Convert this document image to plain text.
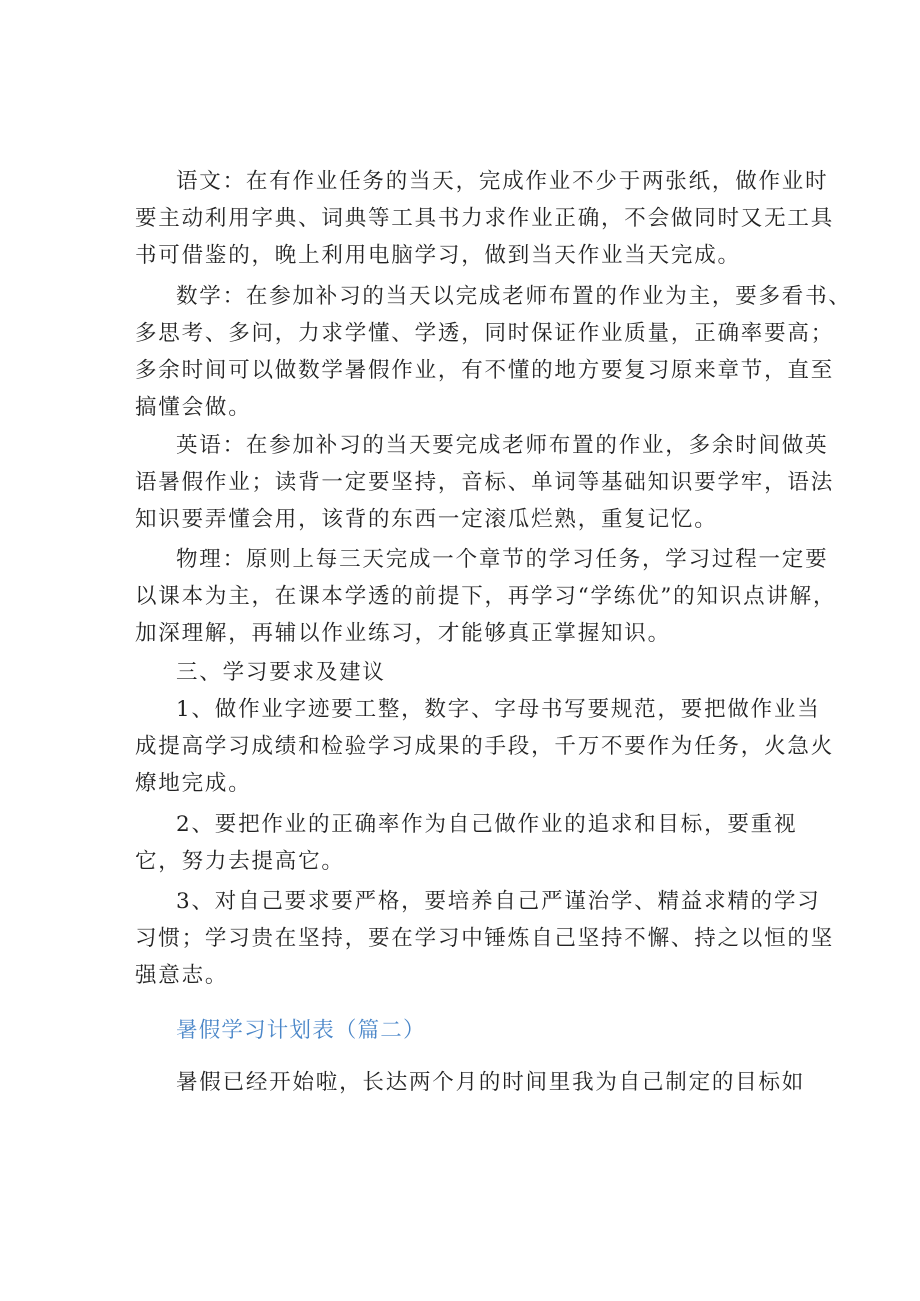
语文：在有作业任务的当天，完成作业不少于两张纸，做作业时
要主动利用字典、词典等工具书力求作业正确，不会做同时又无工具
书可借鉴的，晚上利用电脑学习，做到当天作业当天完成。
数学：在参加补习的当天以完成老师布置的作业为主，要多看书、
多思考、多问，力求学懂、学透，同时保证作业质量，正确率要高；
多余时间可以做数学暑假作业，有不懂的地方要复习原来章节，直至
搞懂会做。
英语：在参加补习的当天要完成老师布置的作业，多余时间做英
语暑假作业；读背一定要坚持，音标、单词等基础知识要学牢，语法
知识要弄懂会用，该背的东西一定滚瓜烂熟，重复记忆。
物理：原则上每三天完成一个章节的学习任务，学习过程一定要
以课本为主，在课本学透的前提下，再学习“学练优”的知识点讲解，
加深理解，再辅以作业练习，才能够真正掌握知识。
三、学习要求及建议
1、做作业字迹要工整，数字、字母书写要规范，要把做作业当
成提高学习成绩和检验学习成果的手段，千万不要作为任务，火急火
燎地完成。
2、要把作业的正确率作为自己做作业的追求和目标，要重视
它，努力去提高它。
3、对自己要求要严格，要培养自己严谨治学、精益求精的学习
习惯；学习贵在坚持，要在学习中锤炼自己坚持不懈、持之以恒的坚
强意志。
暑假学习计划表（篇二）
暑假已经开始啦，长达两个月的时间里我为自己制定的目标如
